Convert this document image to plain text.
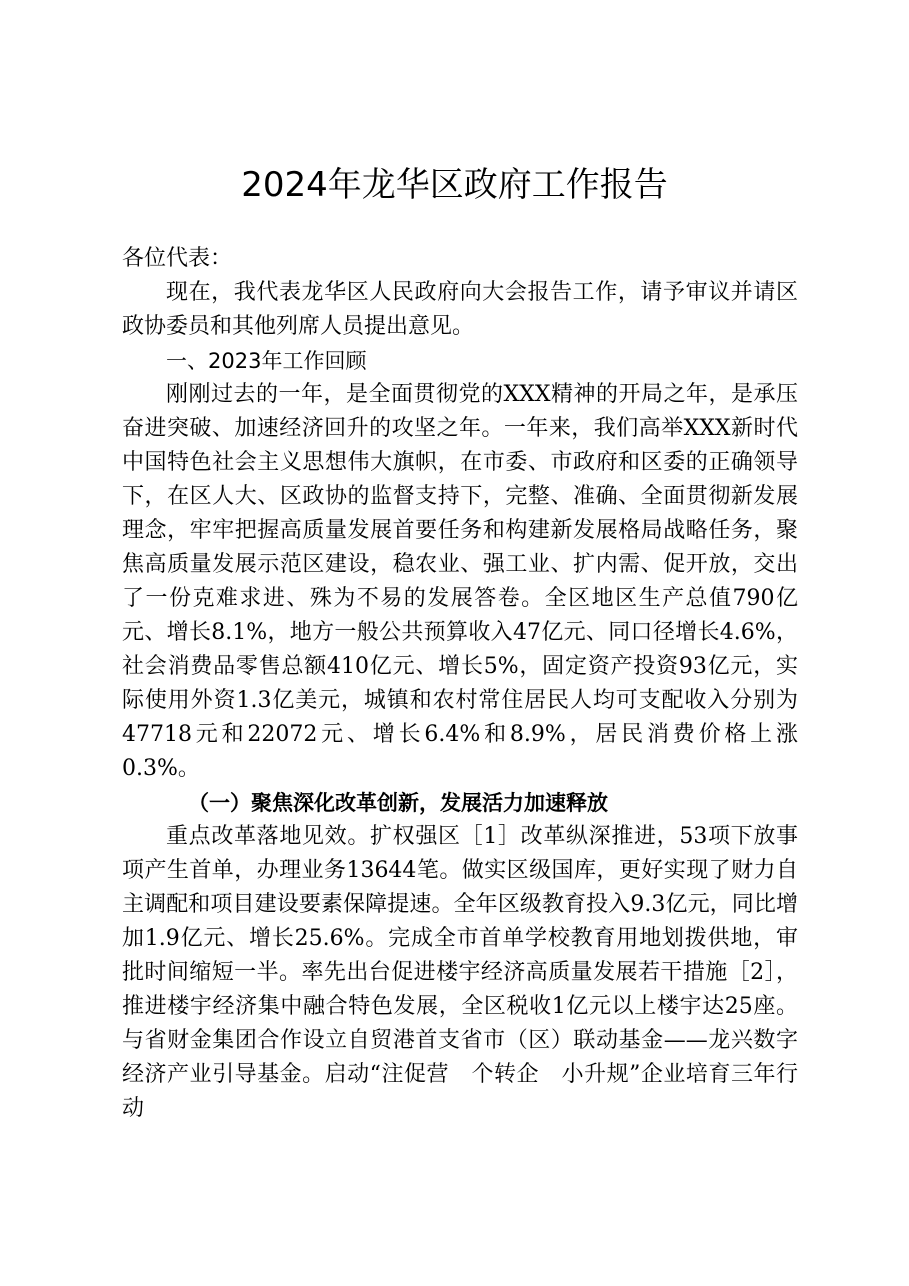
2024年龙华区政府工作报告

各位代表：

现在，我代表龙华区人民政府向大会报告工作，请予审议并请区政协委员和其他列席人员提出意见。

一、2023年工作回顾

刚刚过去的一年，是全面贯彻党的XXX精神的开局之年，是承压奋进突破、加速经济回升的攻坚之年。一年来，我们高举XXX新时代中国特色社会主义思想伟大旗帜，在市委、市政府和区委的正确领导下，在区人大、区政协的监督支持下，完整、准确、全面贯彻新发展理念，牢牢把握高质量发展首要任务和构建新发展格局战略任务，聚焦高质量发展示范区建设，稳农业、强工业、扩内需、促开放，交出了一份克难求进、殊为不易的发展答卷。全区地区生产总值790亿元、增长8.1%，地方一般公共预算收入47亿元、同口径增长4.6%，社会消费品零售总额410亿元、增长5%，固定资产投资93亿元，实际使用外资1.3亿美元，城镇和农村常住居民人均可支配收入分别为47718元和22072元、增长6.4%和8.9%，居民消费价格上涨0.3%。

（一）聚焦深化改革创新，发展活力加速释放

重点改革落地见效。扩权强区［1］改革纵深推进，53项下放事项产生首单，办理业务13644笔。做实区级国库，更好实现了财力自主调配和项目建设要素保障提速。全年区级教育投入9.3亿元，同比增加1.9亿元、增长25.6%。完成全市首单学校教育用地划拨供地，审批时间缩短一半。率先出台促进楼宇经济高质量发展若干措施［2］，推进楼宇经济集中融合特色发展，全区税收1亿元以上楼宇达25座。与省财金集团合作设立自贸港首支省市（区）联动基金——龙兴数字经济产业引导基金。启动“注促营　个转企　小升规”企业培育三年行动
